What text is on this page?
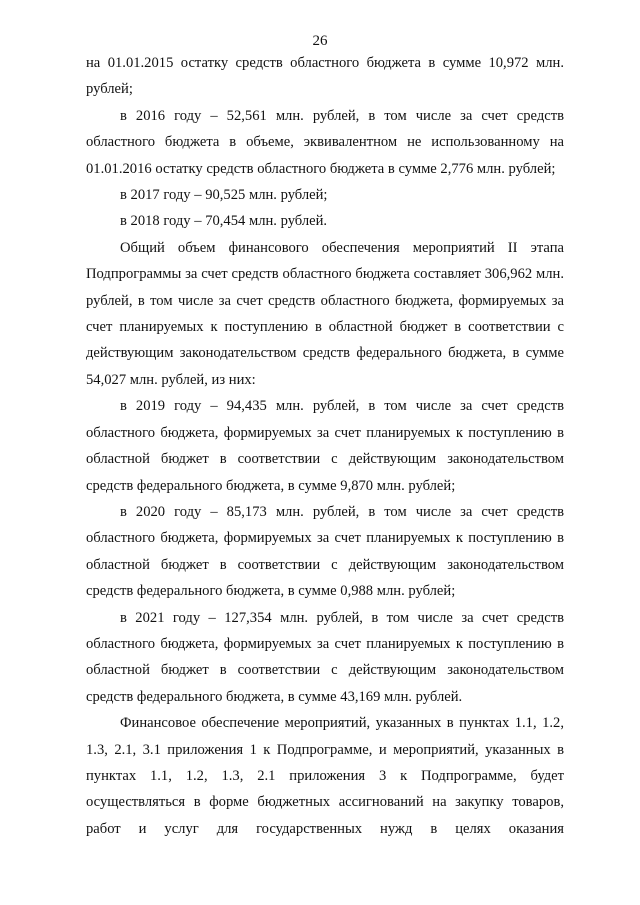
26

на 01.01.2015 остатку средств областного бюджета в сумме 10,972 млн. рублей;

в 2016 году – 52,561 млн. рублей, в том числе за счет средств областного бюджета в объеме, эквивалентном не использованному на 01.01.2016 остатку средств областного бюджета в сумме 2,776 млн. рублей;

в 2017 году – 90,525 млн. рублей;

в 2018 году – 70,454 млн. рублей.

Общий объем финансового обеспечения мероприятий II этапа Подпрограммы за счет средств областного бюджета составляет 306,962 млн. рублей, в том числе за счет средств областного бюджета, формируемых за счет планируемых к поступлению в областной бюджет в соответствии с действующим законодательством средств федерального бюджета, в сумме 54,027 млн. рублей, из них:

в 2019 году – 94,435 млн. рублей, в том числе за счет средств областного бюджета, формируемых за счет планируемых к поступлению в областной бюджет в соответствии с действующим законодательством средств федерального бюджета, в сумме 9,870 млн. рублей;

в 2020 году – 85,173 млн. рублей, в том числе за счет средств областного бюджета, формируемых за счет планируемых к поступлению в областной бюджет в соответствии с действующим законодательством средств федерального бюджета, в сумме 0,988 млн. рублей;

в 2021 году – 127,354 млн. рублей, в том числе за счет средств областного бюджета, формируемых за счет планируемых к поступлению в областной бюджет в соответствии с действующим законодательством средств федерального бюджета, в сумме 43,169 млн. рублей.

Финансовое обеспечение мероприятий, указанных в пунктах 1.1, 1.2, 1.3, 2.1, 3.1 приложения 1 к Подпрограмме, и мероприятий, указанных в пунктах 1.1, 1.2, 1.3, 2.1 приложения 3 к Подпрограмме, будет осуществляться в форме бюджетных ассигнований на закупку товаров, работ и услуг для государственных нужд в целях оказания
